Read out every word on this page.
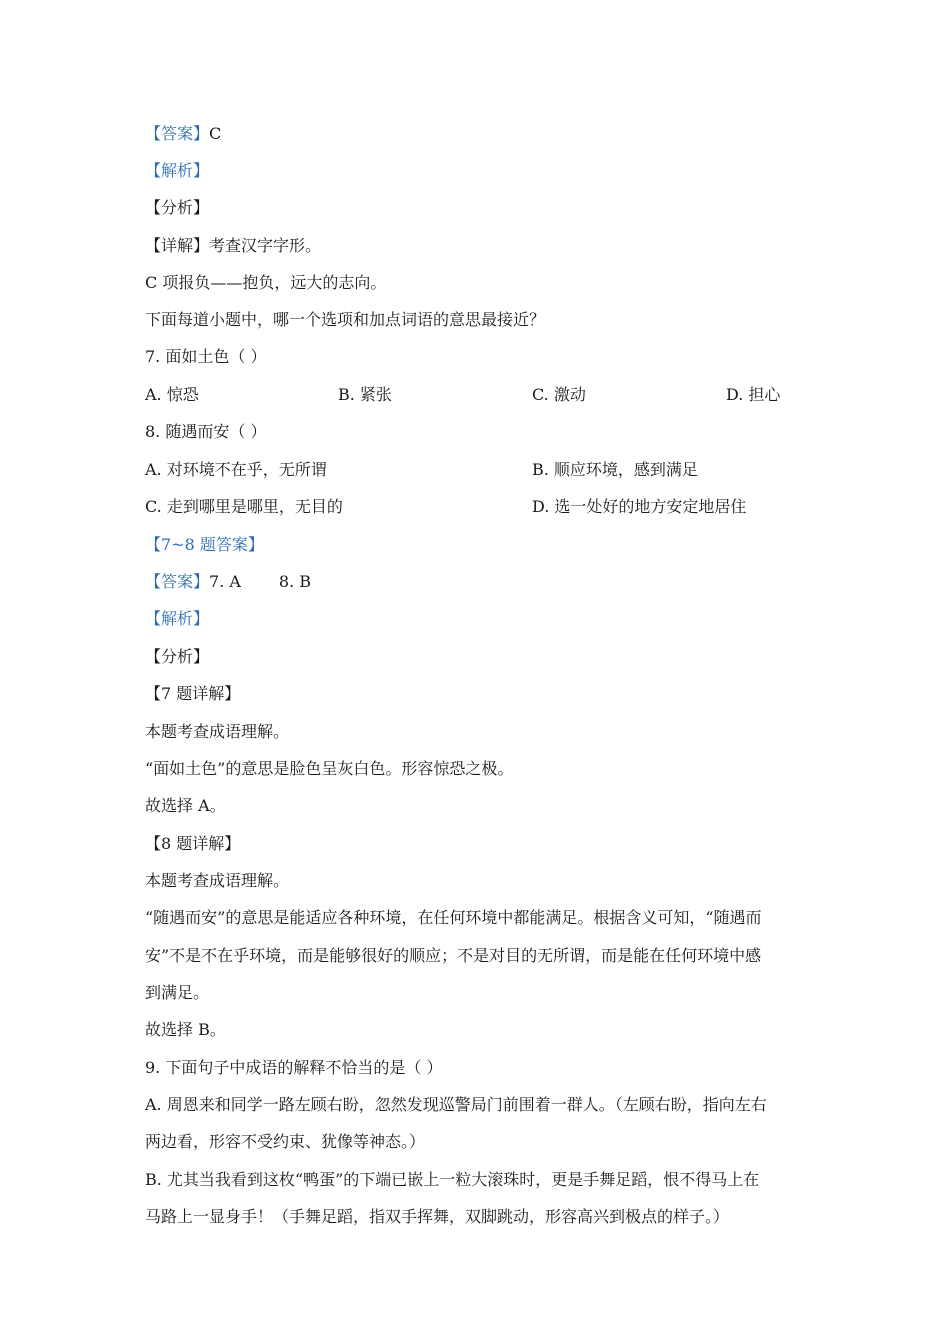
【答案】C
【解析】
【分析】
【详解】考查汉字字形。
C 项报负——抱负，远大的志向。
下面每道小题中，哪一个选项和加点词语的意思最接近？
7. 面如土色（ ）
A. 惊恐	B. 紧张	C. 激动	D. 担心
8. 随遇而安（ ）
A. 对环境不在乎，无所谓	B. 顺应环境，感到满足
C. 走到哪里是哪里，无目的	D. 选一处好的地方安定地居住
【7~8 题答案】
【答案】7. A 8. B
【解析】
【分析】
【7 题详解】
本题考查成语理解。
“面如土色”的意思是脸色呈灰白色。形容惊恐之极。
故选择 A。
【8 题详解】
本题考查成语理解。
“随遇而安”的意思是能适应各种环境，在任何环境中都能满足。根据含义可知，“随遇而
安”不是不在乎环境，而是能够很好的顺应；不是对目的无所谓，而是能在任何环境中感
到满足。
故选择 B。
9. 下面句子中成语的解释不恰当的是（ ）
A. 周恩来和同学一路左顾右盼，忽然发现巡警局门前围着一群人。（左顾右盼，指向左右
两边看，形容不受约束、犹像等神态。）
B. 尤其当我看到这枚“鸭蛋”的下端已嵌上一粒大滚珠时，更是手舞足蹈，恨不得马上在
马路上一显身手！（手舞足蹈，指双手挥舞，双脚跳动，形容高兴到极点的样子。）
